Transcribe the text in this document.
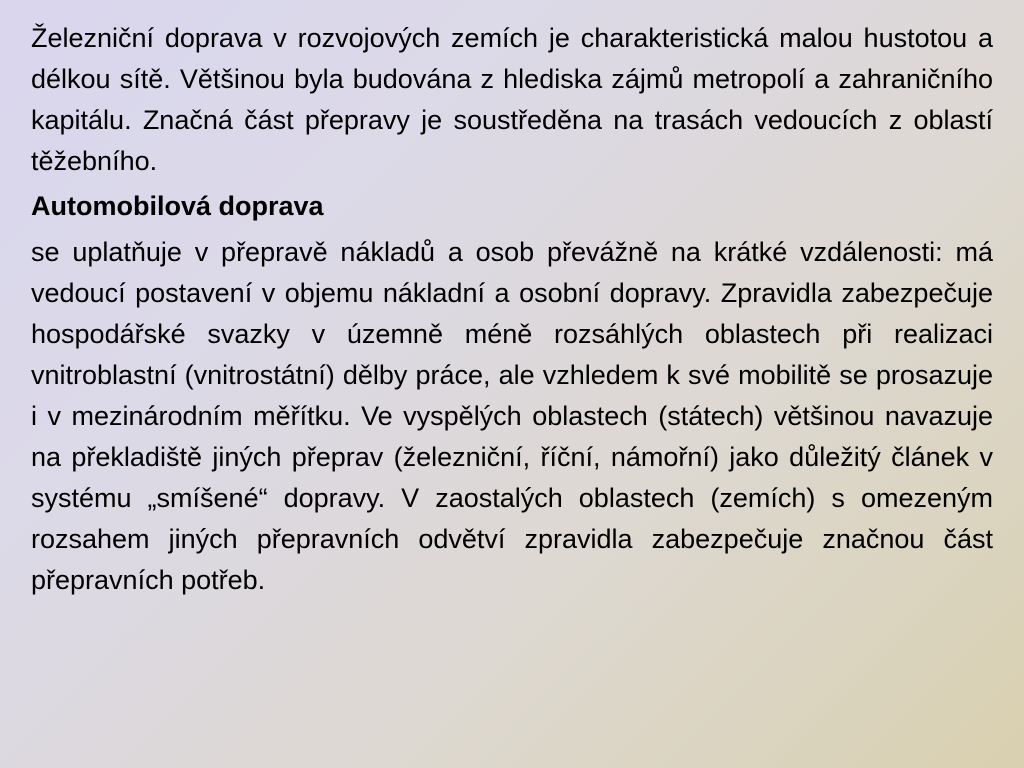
Železniční doprava v rozvojových zemích je charakteristická malou hustotou a délkou sítě. Většinou byla budována z hlediska zájmů metropolí a zahraničního kapitálu. Značná část přepravy je soustředěna na trasách vedoucích z oblastí těžebního.

Automobilová doprava

se uplatňuje v přepravě nákladů a osob převážně na krátké vzdálenosti: má vedoucí postavení v objemu nákladní a osobní dopravy. Zpravidla zabezpečuje hospodářské svazky v územně méně rozsáhlých oblastech při realizaci vnitroblastní (vnitrostátní) dělby práce, ale vzhledem k své mobilitě se prosazuje i v mezinárodním měřítku. Ve vyspělých oblastech (státech) většinou navazuje na překladiště jiných přeprav (železniční, říční, námořní) jako důležitý článek v systému „smíšené“ dopravy. V zaostalých oblastech (zemích) s omezeným rozsahem jiných přepravních odvětví zpravidla zabezpečuje značnou část přepravních potřeb.
